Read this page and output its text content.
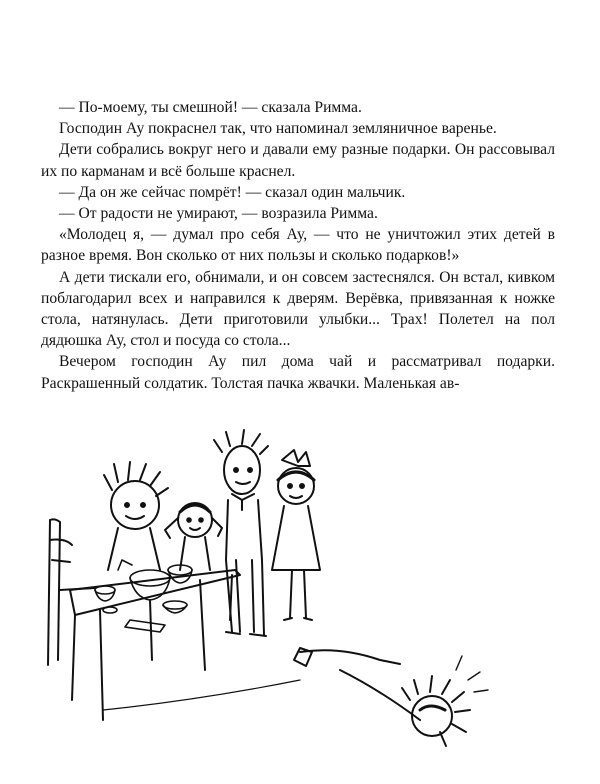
— По-моему, ты смешной! — сказала Римма.

Господин Ау покраснел так, что напоминал земляничное варенье.

Дети собрались вокруг него и давали ему разные подарки. Он рассовывал их по карманам и всё больше краснел.

— Да он же сейчас помрёт! — сказал один мальчик.

— От радости не умирают, — возразила Римма.

«Молодец я, — думал про себя Ау, — что не уничтожил этих детей в разное время. Вон сколько от них пользы и сколько подарков!»

А дети тискали его, обнимали, и он совсем застеснялся. Он встал, кивком поблагодарил всех и направился к дверям. Верёвка, привязанная к ножке стола, натянулась. Дети приготовили улыбки... Трах! Полетел на пол дядюшка Ау, стол и посуда со стола...

Вечером господин Ау пил дома чай и рассматривал подарки. Раскрашенный солдатик. Толстая пачка жвачки. Маленькая ав-
